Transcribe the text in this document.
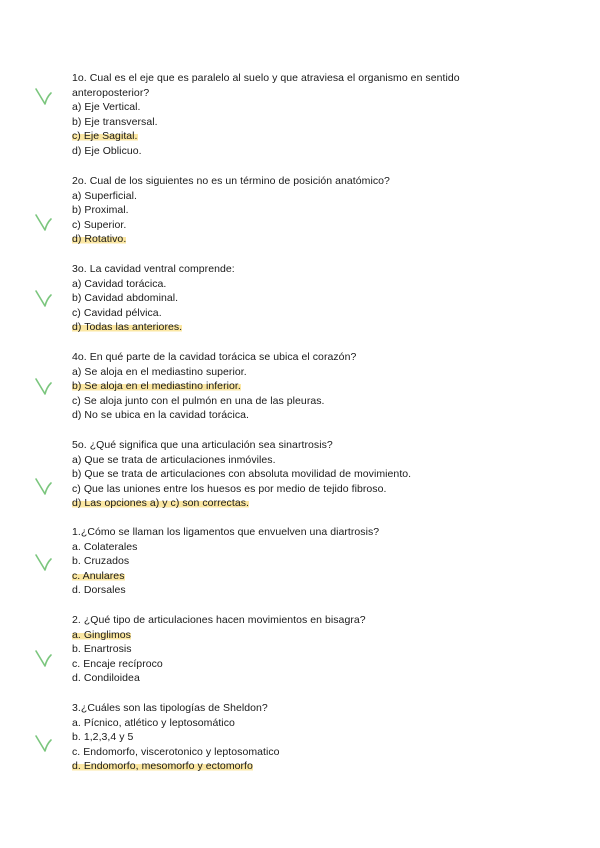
1o. Cual es el eje que es paralelo al suelo y que atraviesa el organismo en sentido
anteroposterior?
a) Eje Vertical.
b) Eje transversal.
c) Eje Sagital.
d) Eje Oblicuo.
2o. Cual de los siguientes no es un término de posición anatómico?
a) Superficial.
b) Proximal.
c) Superior.
d) Rotativo.
3o. La cavidad ventral comprende:
a) Cavidad torácica.
b) Cavidad abdominal.
c) Cavidad pélvica.
d) Todas las anteriores.
4o. En qué parte de la cavidad torácica se ubica el corazón?
a) Se aloja en el mediastino superior.
b) Se aloja en el mediastino inferior.
c) Se aloja junto con el pulmón en una de las pleuras.
d) No se ubica en la cavidad torácica.
5o. ¿Qué significa que una articulación sea sinartrosis?
a) Que se trata de articulaciones inmóviles.
b) Que se trata de articulaciones con absoluta movilidad de movimiento.
c) Que las uniones entre los huesos es por medio de tejido fibroso.
d) Las opciones a) y c) son correctas.
1.¿Cómo se llaman los ligamentos que envuelven una diartrosis?
a. Colaterales
b. Cruzados
c. Anulares
d. Dorsales
2. ¿Qué tipo de articulaciones hacen movimientos en bisagra?
a. Ginglimos
b. Enartrosis
c. Encaje recíproco
d. Condiloidea
3.¿Cuáles son las tipologías de Sheldon?
a. Pícnico, atlético y leptosomático
b. 1,2,3,4 y 5
c. Endomorfo, viscerotonico y leptosomatico
d. Endomorfo, mesomorfo y ectomorfo
